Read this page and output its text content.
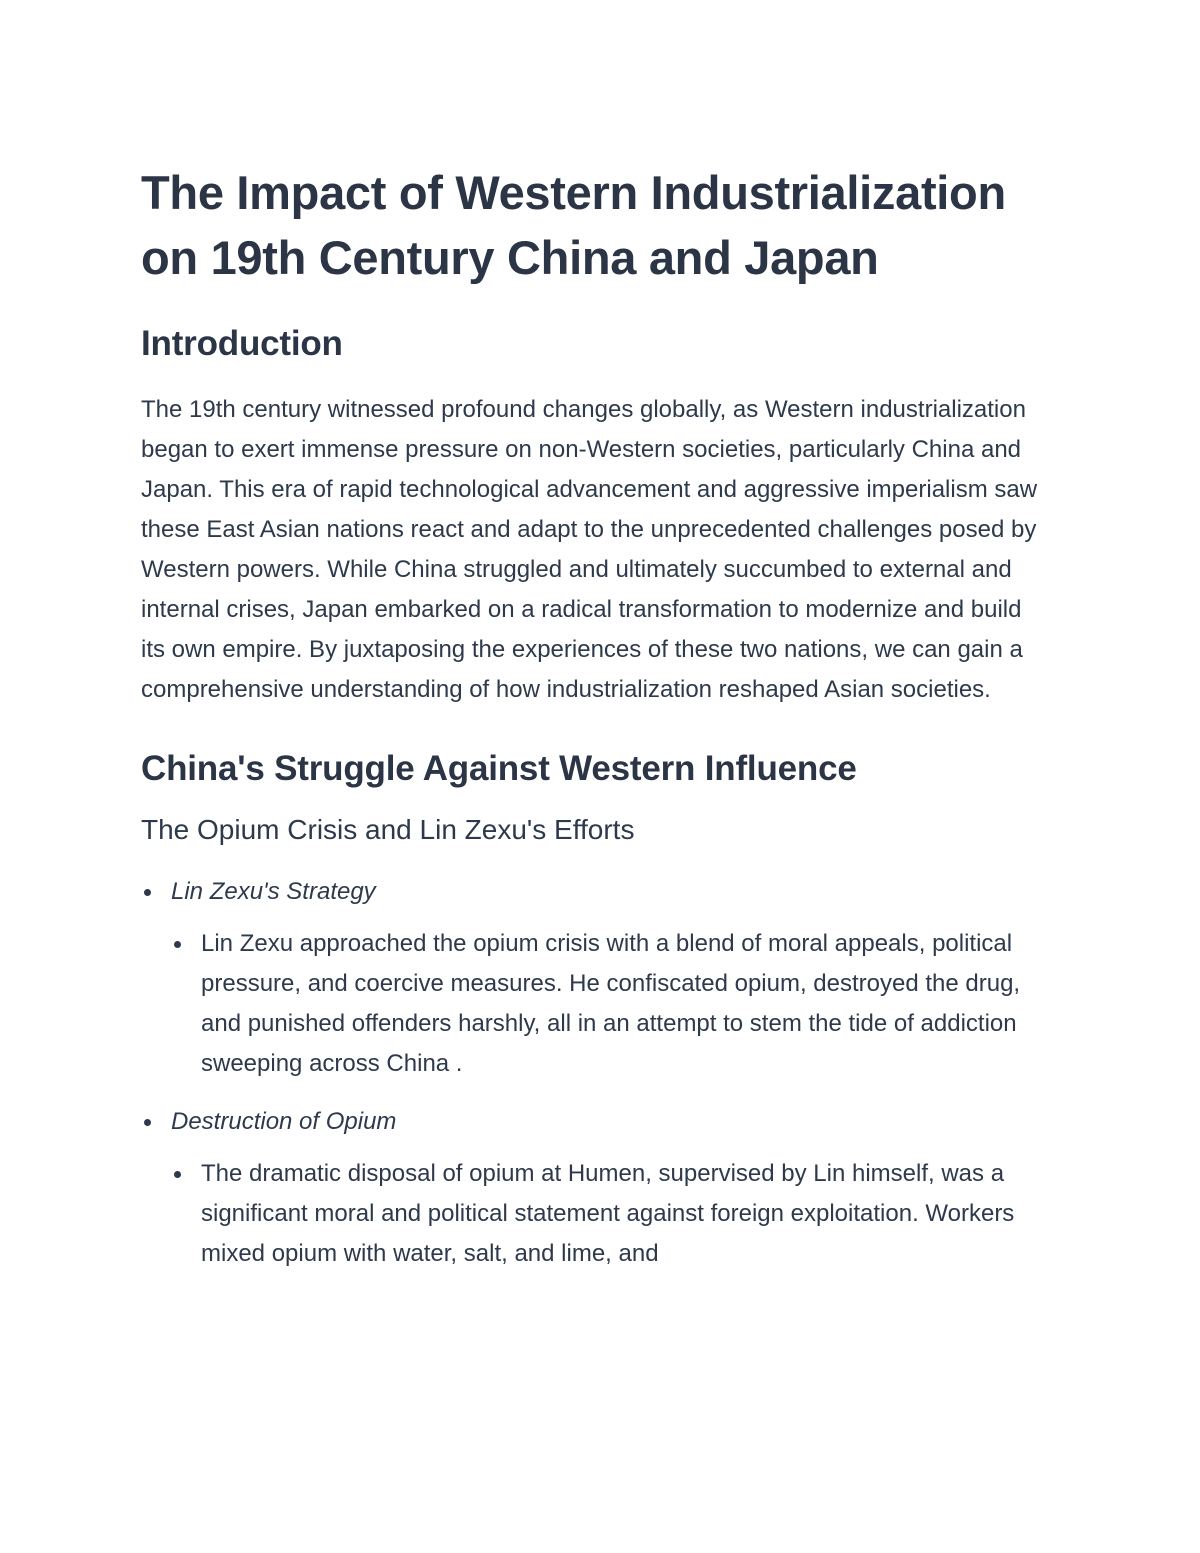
The Impact of Western Industrialization on 19th Century China and Japan
Introduction

The 19th century witnessed profound changes globally, as Western industrialization began to exert immense pressure on non-Western societies, particularly China and Japan. This era of rapid technological advancement and aggressive imperialism saw these East Asian nations react and adapt to the unprecedented challenges posed by Western powers. While China struggled and ultimately succumbed to external and internal crises, Japan embarked on a radical transformation to modernize and build its own empire. By juxtaposing the experiences of these two nations, we can gain a comprehensive understanding of how industrialization reshaped Asian societies.

China's Struggle Against Western Influence
The Opium Crisis and Lin Zexu's Efforts
Lin Zexu's Strategy
Lin Zexu approached the opium crisis with a blend of moral appeals, political pressure, and coercive measures. He confiscated opium, destroyed the drug, and punished offenders harshly, all in an attempt to stem the tide of addiction sweeping across China .
Destruction of Opium
The dramatic disposal of opium at Humen, supervised by Lin himself, was a significant moral and political statement against foreign exploitation. Workers mixed opium with water, salt, and lime, and
